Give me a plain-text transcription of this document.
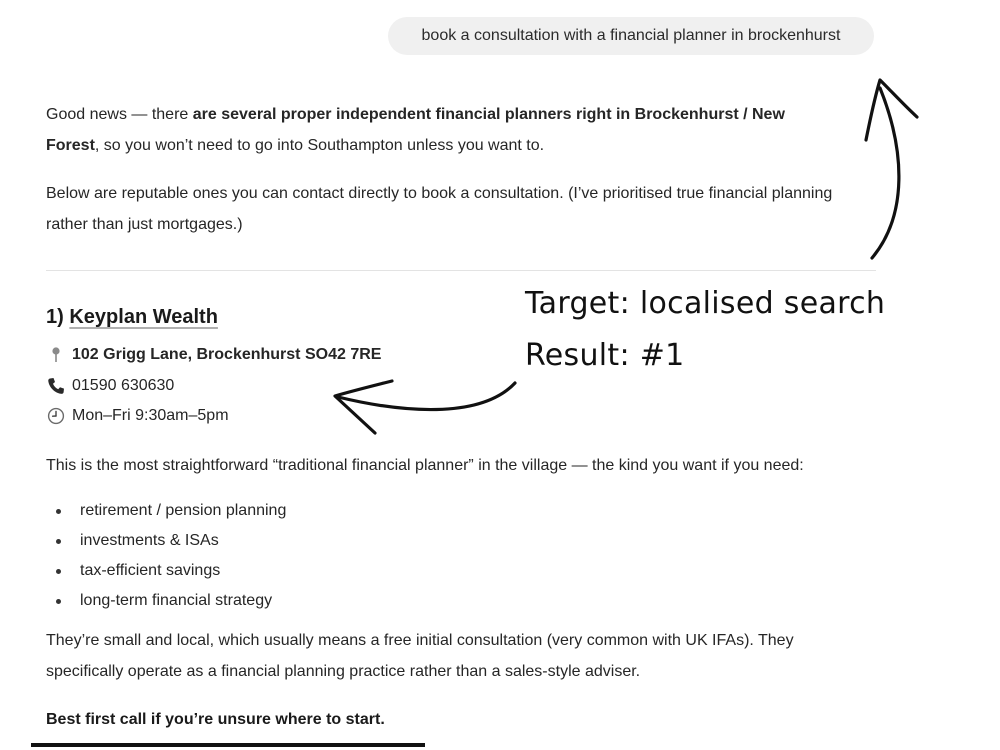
book a consultation with a financial planner in brockenhurst

Good news — there are several proper independent financial planners right in Brockenhurst / New
Forest, so you won’t need to go into Southampton unless you want to.

Below are reputable ones you can contact directly to book a consultation. (I’ve prioritised true financial planning rather than just mortgages.)

1) Keyplan Wealth
102 Grigg Lane, Brockenhurst SO42 7RE
01590 630630
Mon–Fri 9:30am–5pm

This is the most straightforward “traditional financial planner” in the village — the kind you want if you need:

retirement / pension planning
investments & ISAs
tax-efficient savings
long-term financial strategy

They’re small and local, which usually means a free initial consultation (very common with UK IFAs). They specifically operate as a financial planning practice rather than a sales-style adviser.

Best first call if you’re unsure where to start.
Target: localised search
Result: #1
